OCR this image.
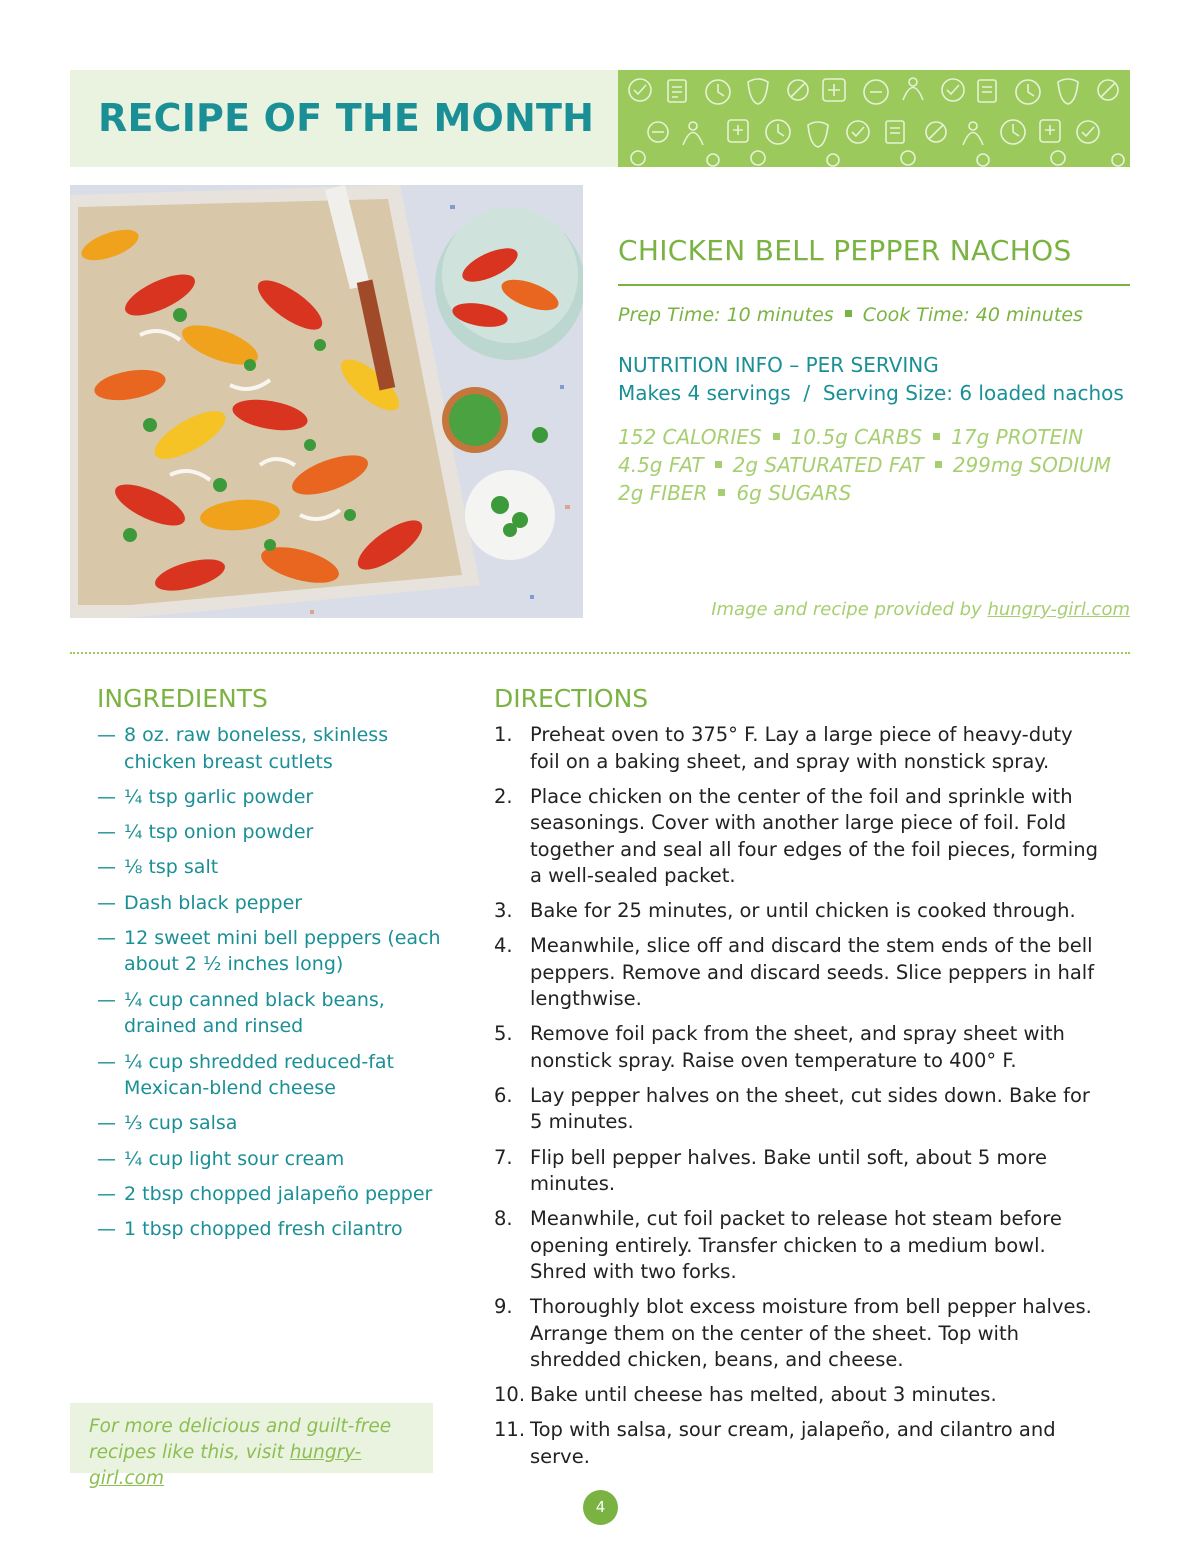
RECIPE OF THE MONTH
CHICKEN BELL PEPPER NACHOS
Prep Time: 10 minutes Cook Time: 40 minutes
NUTRITION INFO – PER SERVING
Makes 4 servings  /  Serving Size: 6 loaded nachos
152 CALORIES 10.5g CARBS 17g PROTEIN
4.5g FAT 2g SATURATED FAT 299mg SODIUM
2g FIBER 6g SUGARS
Image and recipe provided by hungry-girl.com
INGREDIENTS
— 8 oz. raw boneless, skinless chicken breast cutlets
— ¼ tsp garlic powder
— ¼ tsp onion powder
— ⅛ tsp salt
— Dash black pepper
— 12 sweet mini bell peppers (each about 2 ½ inches long)
— ¼ cup canned black beans, drained and rinsed
— ¼ cup shredded reduced-fat Mexican-blend cheese
— ⅓ cup salsa
— ¼ cup light sour cream
— 2 tbsp chopped jalapeño pepper
— 1 tbsp chopped fresh cilantro
DIRECTIONS
1. Preheat oven to 375° F. Lay a large piece of heavy-duty foil on a baking sheet, and spray with nonstick spray.
2. Place chicken on the center of the foil and sprinkle with seasonings. Cover with another large piece of foil. Fold together and seal all four edges of the foil pieces, forming a well-sealed packet.
3. Bake for 25 minutes, or until chicken is cooked through.
4. Meanwhile, slice off and discard the stem ends of the bell peppers. Remove and discard seeds. Slice peppers in half lengthwise.
5. Remove foil pack from the sheet, and spray sheet with nonstick spray. Raise oven temperature to 400° F.
6. Lay pepper halves on the sheet, cut sides down. Bake for 5 minutes.
7. Flip bell pepper halves. Bake until soft, about 5 more minutes.
8. Meanwhile, cut foil packet to release hot steam before opening entirely. Transfer chicken to a medium bowl. Shred with two forks.
9. Thoroughly blot excess moisture from bell pepper halves. Arrange them on the center of the sheet. Top with shredded chicken, beans, and cheese.
10. Bake until cheese has melted, about 3 minutes.
11. Top with salsa, sour cream, jalapeño, and cilantro and serve.
For more delicious and guilt-free recipes like this, visit hungry-girl.com
4
